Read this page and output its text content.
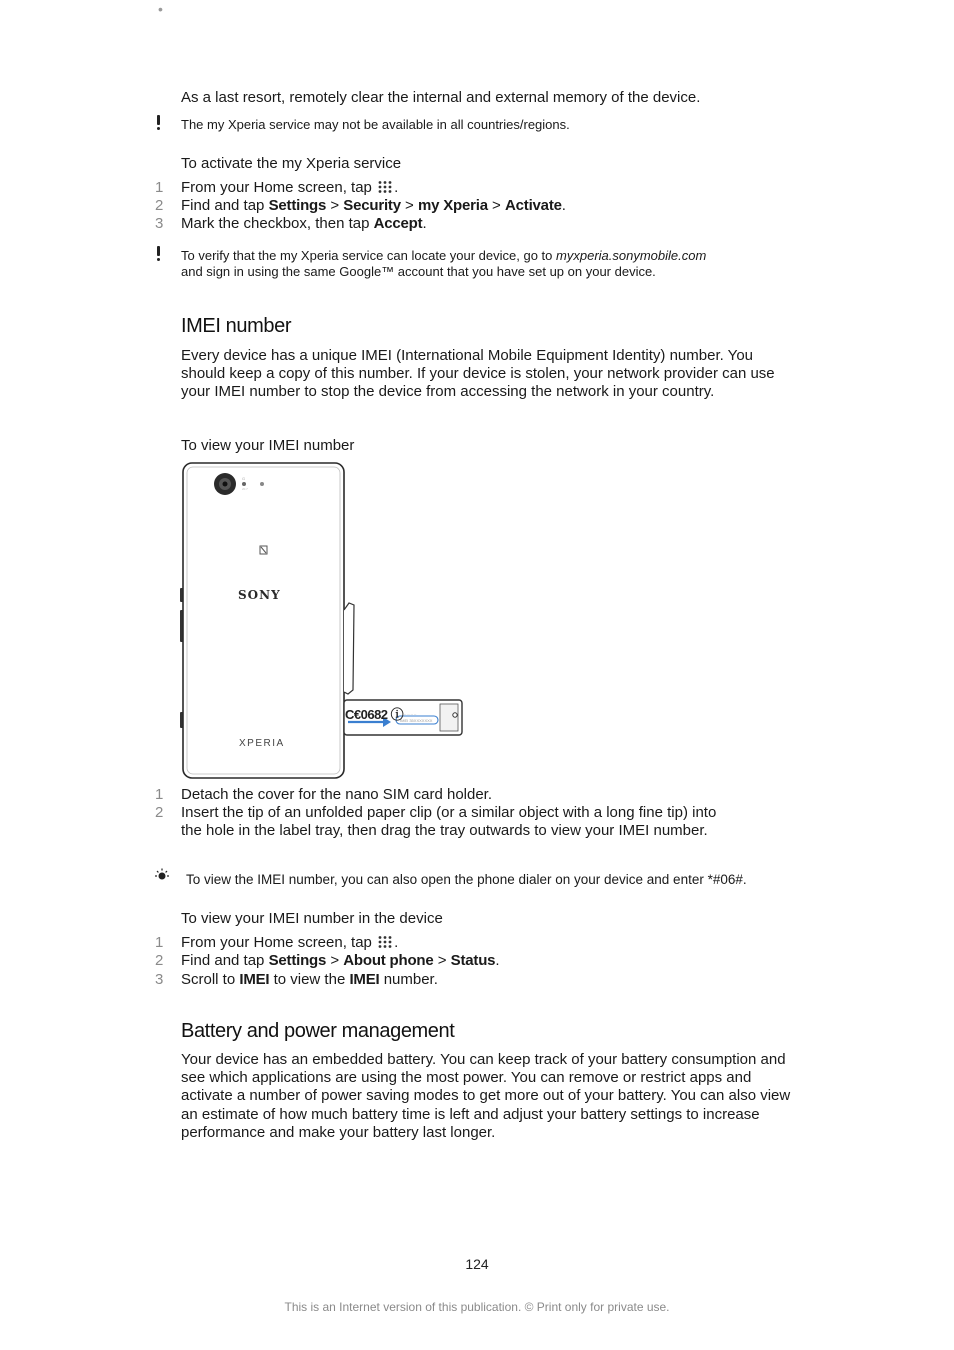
•
As a last resort, remotely clear the internal and external memory of the device.
The my Xperia service may not be available in all countries/regions.
To activate the my Xperia service
1 From your Home screen, tap .
2 Find and tap Settings > Security > my Xperia > Activate.
3 Mark the checkbox, then tap Accept.
To verify that the my Xperia service can locate your device, go to myxperia.sonymobile.com
and sign in using the same Google™ account that you have set up on your device.
IMEI number
Every device has a unique IMEI (International Mobile Equipment Identity) number. You should keep a copy of this number. If your device is stolen, your network provider can use your IMEI number to stop the device from accessing the network in your country.
To view your IMEI number
G
20.7
IMEI 35XXXXXXX
-- -- -- --
SONY
XPERIA
C€0682 ⓘ
1 Detach the cover for the nano SIM card holder.
2 Insert the tip of an unfolded paper clip (or a similar object with a long fine tip) into the hole in the label tray, then drag the tray outwards to view your IMEI number.
To view the IMEI number, you can also open the phone dialer on your device and enter *#06#.
To view your IMEI number in the device
1 From your Home screen, tap .
2 Find and tap Settings > About phone > Status.
3 Scroll to IMEI to view the IMEI number.
Battery and power management
Your device has an embedded battery. You can keep track of your battery consumption and see which applications are using the most power. You can remove or restrict apps and activate a number of power saving modes to get more out of your battery. You can also view an estimate of how much battery time is left and adjust your battery settings to increase performance and make your battery last longer.
124
This is an Internet version of this publication. © Print only for private use.
